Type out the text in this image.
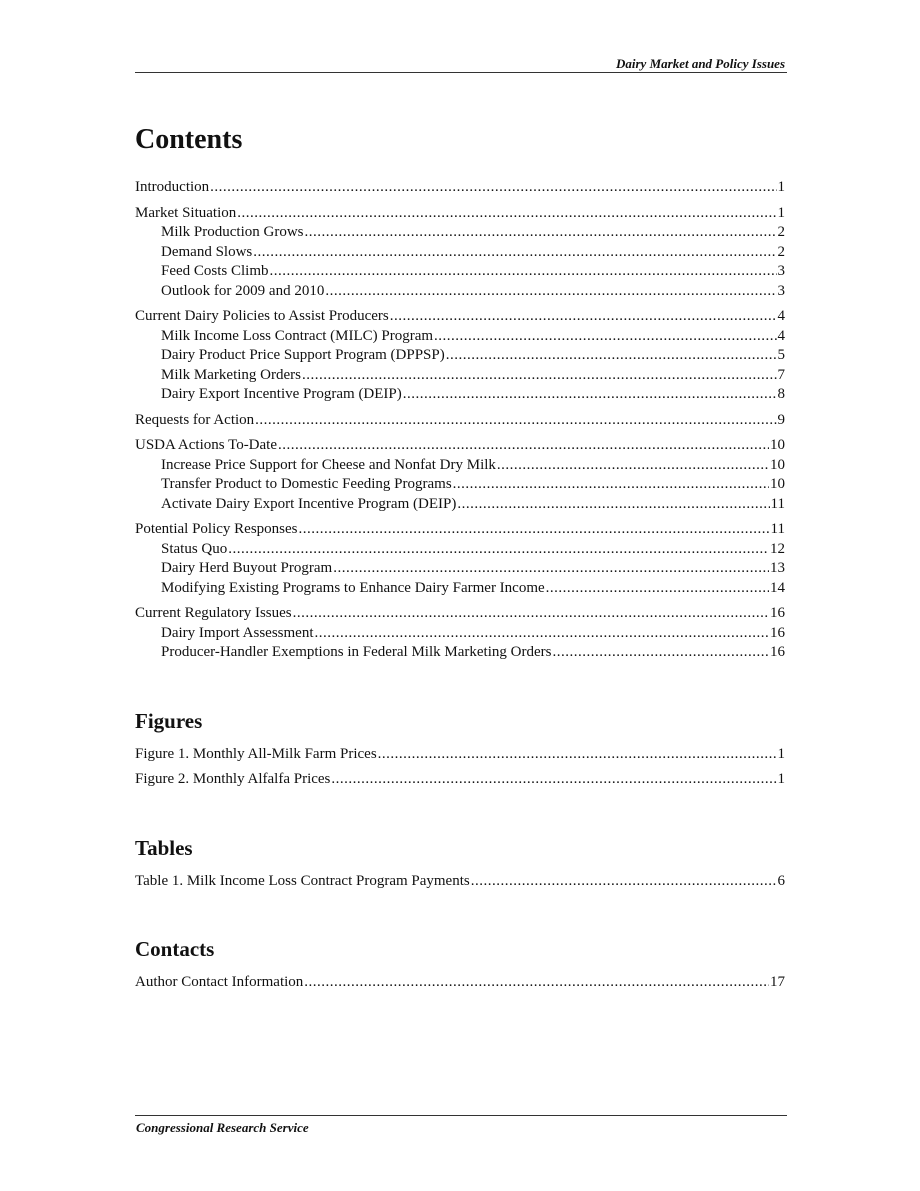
Dairy Market and Policy Issues
Contents
Introduction .....	1
Market Situation .....	1
Milk Production Grows .....	2
Demand Slows .....	2
Feed Costs Climb .....	3
Outlook for 2009 and 2010 .....	3
Current Dairy Policies to Assist Producers .....	4
Milk Income Loss Contract (MILC) Program .....	4
Dairy Product Price Support Program (DPPSP) .....	5
Milk Marketing Orders .....	7
Dairy Export Incentive Program (DEIP) .....	8
Requests for Action .....	9
USDA Actions To-Date .....	10
Increase Price Support for Cheese and Nonfat Dry Milk .....	10
Transfer Product to Domestic Feeding Programs .....	10
Activate Dairy Export Incentive Program (DEIP) .....	11
Potential Policy Responses .....	11
Status Quo .....	12
Dairy Herd Buyout Program .....	13
Modifying Existing Programs to Enhance Dairy Farmer Income .....	14
Current Regulatory Issues .....	16
Dairy Import Assessment .....	16
Producer-Handler Exemptions in Federal Milk Marketing Orders .....	16
Figures
Figure 1. Monthly All-Milk Farm Prices .....	1
Figure 2. Monthly Alfalfa Prices .....	1
Tables
Table 1. Milk Income Loss Contract Program Payments .....	6
Contacts
Author Contact Information .....	17
Congressional Research Service
